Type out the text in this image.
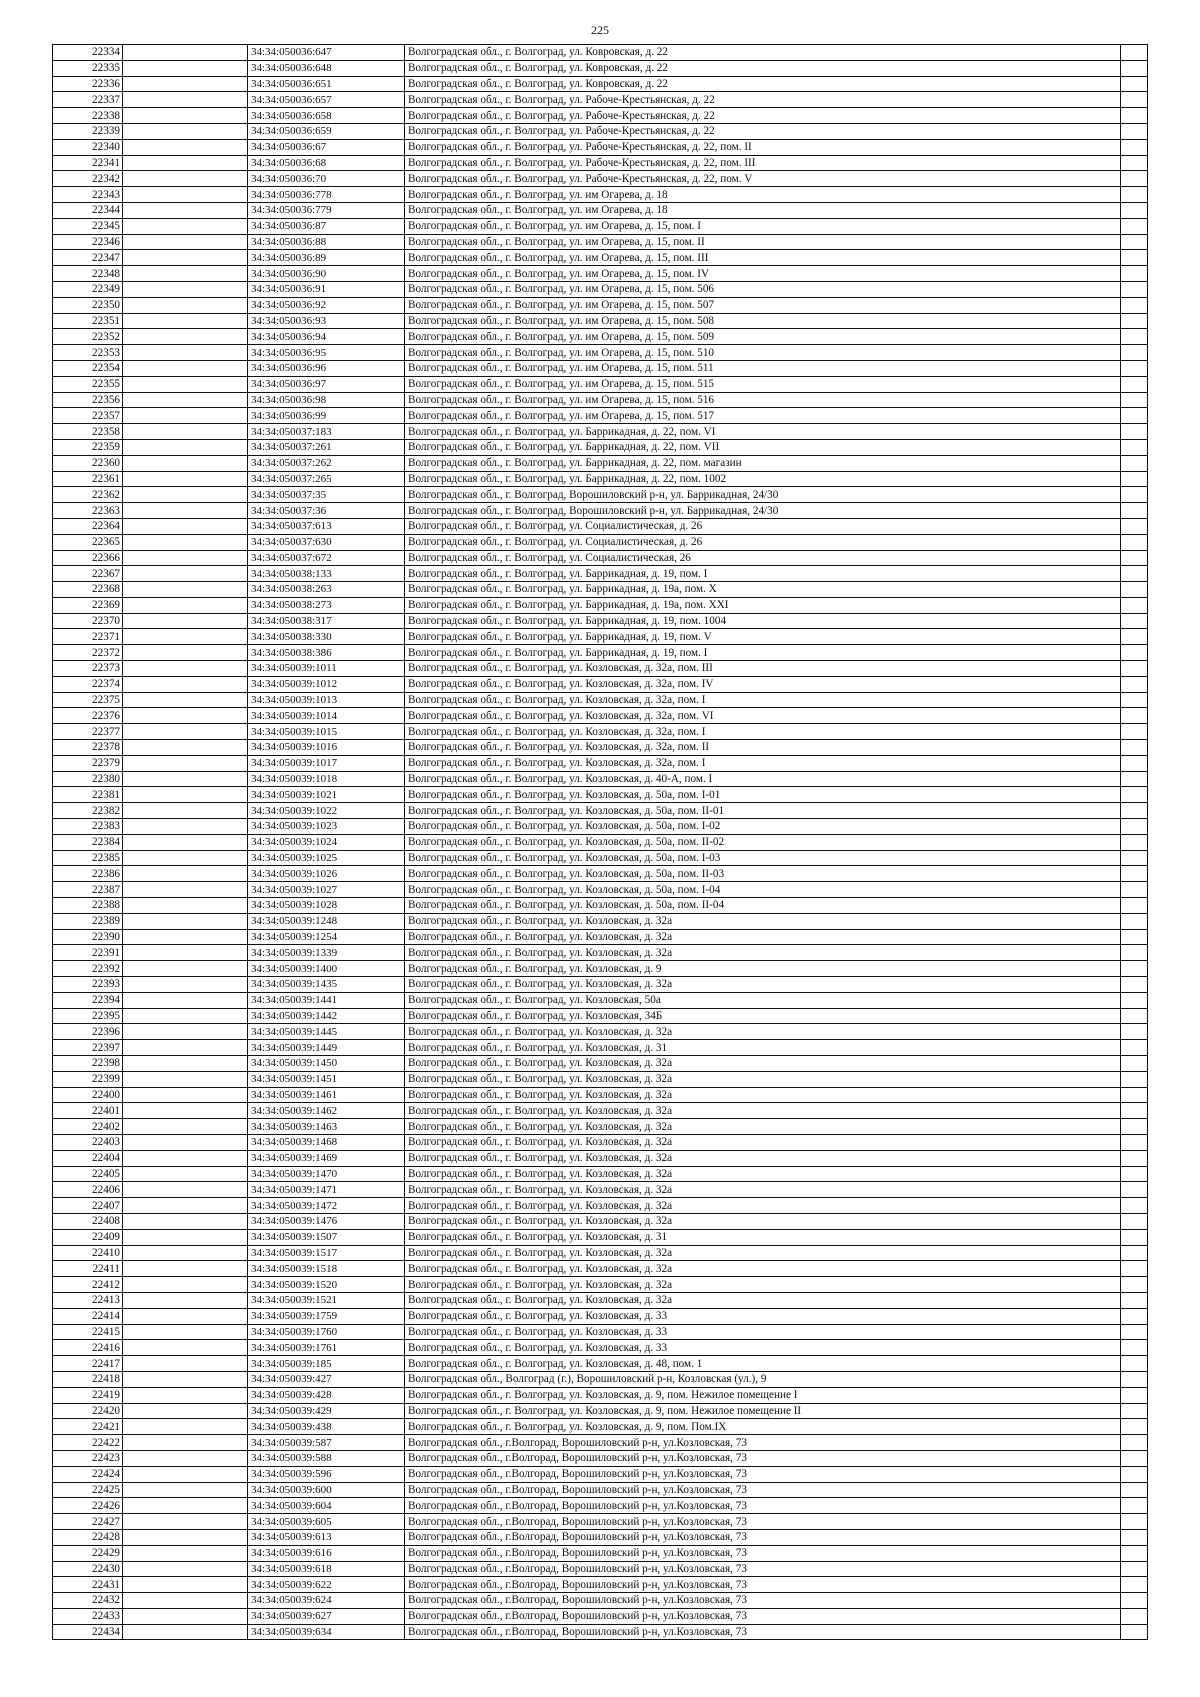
225
22334		34:34:050036:647	Волгоградская обл., г. Волгоград, ул. Ковровская, д. 22	
22335		34:34:050036:648	Волгоградская обл., г. Волгоград, ул. Ковровская, д. 22	
22336		34:34:050036:651	Волгоградская обл., г. Волгоград, ул. Ковровская, д. 22	
22337		34:34:050036:657	Волгоградская обл., г. Волгоград, ул. Рабоче-Крестьянская, д. 22	
22338		34:34:050036:658	Волгоградская обл., г. Волгоград, ул. Рабоче-Крестьянская, д. 22	
22339		34:34:050036:659	Волгоградская обл., г. Волгоград, ул. Рабоче-Крестьянская, д. 22	
22340		34:34:050036:67	Волгоградская обл., г. Волгоград, ул. Рабоче-Крестьянская, д. 22, пом. II	
22341		34:34:050036:68	Волгоградская обл., г. Волгоград, ул. Рабоче-Крестьянская, д. 22, пом. III	
22342		34:34:050036:70	Волгоградская обл., г. Волгоград, ул. Рабоче-Крестьянская, д. 22, пом. V	
22343		34:34:050036:778	Волгоградская обл., г. Волгоград, ул. им Огарева, д. 18	
22344		34:34:050036:779	Волгоградская обл., г. Волгоград, ул. им Огарева, д. 18	
22345		34:34:050036:87	Волгоградская обл., г. Волгоград, ул. им Огарева, д. 15, пом. I	
22346		34:34:050036:88	Волгоградская обл., г. Волгоград, ул. им Огарева, д. 15, пом. II	
22347		34:34:050036:89	Волгоградская обл., г. Волгоград, ул. им Огарева, д. 15, пом. III	
22348		34:34:050036:90	Волгоградская обл., г. Волгоград, ул. им Огарева, д. 15, пом. IV	
22349		34:34:050036:91	Волгоградская обл., г. Волгоград, ул. им Огарева, д. 15, пом. 506	
22350		34:34:050036:92	Волгоградская обл., г. Волгоград, ул. им Огарева, д. 15, пом. 507	
22351		34:34:050036:93	Волгоградская обл., г. Волгоград, ул. им Огарева, д. 15, пом. 508	
22352		34:34:050036:94	Волгоградская обл., г. Волгоград, ул. им Огарева, д. 15, пом. 509	
22353		34:34:050036:95	Волгоградская обл., г. Волгоград, ул. им Огарева, д. 15, пом. 510	
22354		34:34:050036:96	Волгоградская обл., г. Волгоград, ул. им Огарева, д. 15, пом. 511	
22355		34:34:050036:97	Волгоградская обл., г. Волгоград, ул. им Огарева, д. 15, пом. 515	
22356		34:34:050036:98	Волгоградская обл., г. Волгоград, ул. им Огарева, д. 15, пом. 516	
22357		34:34:050036:99	Волгоградская обл., г. Волгоград, ул. им Огарева, д. 15, пом. 517	
22358		34:34:050037:183	Волгоградская обл., г. Волгоград, ул. Баррикадная, д. 22, пом. VI	
22359		34:34:050037:261	Волгоградская обл., г. Волгоград, ул. Баррикадная, д. 22, пом. VII	
22360		34:34:050037:262	Волгоградская обл., г. Волгоград, ул. Баррикадная, д. 22, пом. магазин	
22361		34:34:050037:265	Волгоградская обл., г. Волгоград, ул. Баррикадная, д. 22, пом. 1002	
22362		34:34:050037:35	Волгоградская обл., г. Волгоград, Ворошиловский р-н, ул. Баррикадная, 24/30	
22363		34:34:050037:36	Волгоградская обл., г. Волгоград, Ворошиловский р-н, ул. Баррикадная, 24/30	
22364		34:34:050037:613	Волгоградская обл., г. Волгоград, ул. Социалистическая, д. 26	
22365		34:34:050037:630	Волгоградская обл., г. Волгоград, ул. Социалистическая, д. 26	
22366		34:34:050037:672	Волгоградская обл., г. Волгоград, ул. Социалистическая, 26	
22367		34:34:050038:133	Волгоградская обл., г. Волгоград, ул. Баррикадная, д. 19, пом. I	
22368		34:34:050038:263	Волгоградская обл., г. Волгоград, ул. Баррикадная, д. 19а, пом. X	
22369		34:34:050038:273	Волгоградская обл., г. Волгоград, ул. Баррикадная, д. 19а, пом. XXI	
22370		34:34:050038:317	Волгоградская обл., г. Волгоград, ул. Баррикадная, д. 19, пом. 1004	
22371		34:34:050038:330	Волгоградская обл., г. Волгоград, ул. Баррикадная, д. 19, пом. V	
22372		34:34:050038:386	Волгоградская обл., г. Волгоград, ул. Баррикадная, д. 19, пом. I	
22373		34:34:050039:1011	Волгоградская обл., г. Волгоград, ул. Козловская, д. 32а, пом. III	
22374		34:34:050039:1012	Волгоградская обл., г. Волгоград, ул. Козловская, д. 32а, пом. IV	
22375		34:34:050039:1013	Волгоградская обл., г. Волгоград, ул. Козловская, д. 32а, пом. I	
22376		34:34:050039:1014	Волгоградская обл., г. Волгоград, ул. Козловская, д. 32а, пом. VI	
22377		34:34:050039:1015	Волгоградская обл., г. Волгоград, ул. Козловская, д. 32а, пом. I	
22378		34:34:050039:1016	Волгоградская обл., г. Волгоград, ул. Козловская, д. 32а, пом. II	
22379		34:34:050039:1017	Волгоградская обл., г. Волгоград, ул. Козловская, д. 32а, пом. I	
22380		34:34:050039:1018	Волгоградская обл., г. Волгоград, ул. Козловская, д. 40-А, пом. I	
22381		34:34:050039:1021	Волгоградская обл., г. Волгоград, ул. Козловская, д. 50а, пом. I-01	
22382		34:34:050039:1022	Волгоградская обл., г. Волгоград, ул. Козловская, д. 50а, пом. II-01	
22383		34:34:050039:1023	Волгоградская обл., г. Волгоград, ул. Козловская, д. 50а, пом. I-02	
22384		34:34:050039:1024	Волгоградская обл., г. Волгоград, ул. Козловская, д. 50а, пом. II-02	
22385		34:34:050039:1025	Волгоградская обл., г. Волгоград, ул. Козловская, д. 50а, пом. I-03	
22386		34:34:050039:1026	Волгоградская обл., г. Волгоград, ул. Козловская, д. 50а, пом. II-03	
22387		34:34:050039:1027	Волгоградская обл., г. Волгоград, ул. Козловская, д. 50а, пом. I-04	
22388		34:34:050039:1028	Волгоградская обл., г. Волгоград, ул. Козловская, д. 50а, пом. II-04	
22389		34:34:050039:1248	Волгоградская обл., г. Волгоград, ул. Козловская, д. 32а	
22390		34:34:050039:1254	Волгоградская обл., г. Волгоград, ул. Козловская, д. 32а	
22391		34:34:050039:1339	Волгоградская обл., г. Волгоград, ул. Козловская, д. 32а	
22392		34:34:050039:1400	Волгоградская обл., г. Волгоград, ул. Козловская, д. 9	
22393		34:34:050039:1435	Волгоградская обл., г. Волгоград, ул. Козловская, д. 32а	
22394		34:34:050039:1441	Волгоградская обл., г. Волгоград, ул. Козловская, 50а	
22395		34:34:050039:1442	Волгоградская обл., г. Волгоград, ул. Козловская, 34Б	
22396		34:34:050039:1445	Волгоградская обл., г. Волгоград, ул. Козловская, д. 32а	
22397		34:34:050039:1449	Волгоградская обл., г. Волгоград, ул. Козловская, д. 31	
22398		34:34:050039:1450	Волгоградская обл., г. Волгоград, ул. Козловская, д. 32а	
22399		34:34:050039:1451	Волгоградская обл., г. Волгоград, ул. Козловская, д. 32а	
22400		34:34:050039:1461	Волгоградская обл., г. Волгоград, ул. Козловская, д. 32а	
22401		34:34:050039:1462	Волгоградская обл., г. Волгоград, ул. Козловская, д. 32а	
22402		34:34:050039:1463	Волгоградская обл., г. Волгоград, ул. Козловская, д. 32а	
22403		34:34:050039:1468	Волгоградская обл., г. Волгоград, ул. Козловская, д. 32а	
22404		34:34:050039:1469	Волгоградская обл., г. Волгоград, ул. Козловская, д. 32а	
22405		34:34:050039:1470	Волгоградская обл., г. Волгоград, ул. Козловская, д. 32а	
22406		34:34:050039:1471	Волгоградская обл., г. Волгоград, ул. Козловская, д. 32а	
22407		34:34:050039:1472	Волгоградская обл., г. Волгоград, ул. Козловская, д. 32а	
22408		34:34:050039:1476	Волгоградская обл., г. Волгоград, ул. Козловская, д. 32а	
22409		34:34:050039:1507	Волгоградская обл., г. Волгоград, ул. Козловская, д. 31	
22410		34:34:050039:1517	Волгоградская обл., г. Волгоград, ул. Козловская, д. 32а	
22411		34:34:050039:1518	Волгоградская обл., г. Волгоград, ул. Козловская, д. 32а	
22412		34:34:050039:1520	Волгоградская обл., г. Волгоград, ул. Козловская, д. 32а	
22413		34:34:050039:1521	Волгоградская обл., г. Волгоград, ул. Козловская, д. 32а	
22414		34:34:050039:1759	Волгоградская обл., г. Волгоград, ул. Козловская, д. 33	
22415		34:34:050039:1760	Волгоградская обл., г. Волгоград, ул. Козловская, д. 33	
22416		34:34:050039:1761	Волгоградская обл., г. Волгоград, ул. Козловская, д. 33	
22417		34:34:050039:185	Волгоградская обл., г. Волгоград, ул. Козловская, д. 48, пом. 1	
22418		34:34:050039:427	Волгоградская обл., Волгоград (г.), Ворошиловский р-н, Козловская (ул.), 9	
22419		34:34:050039:428	Волгоградская обл., г. Волгоград, ул. Козловская, д. 9, пом. Нежилое помещение I	
22420		34:34:050039:429	Волгоградская обл., г. Волгоград, ул. Козловская, д. 9, пом. Нежилое помещение II	
22421		34:34:050039:438	Волгоградская обл., г. Волгоград, ул. Козловская, д. 9, пом. Пом.IX	
22422		34:34:050039:587	Волгоградская обл., г.Волгорад, Ворошиловский р-н, ул.Козловская, 73	
22423		34:34:050039:588	Волгоградская обл., г.Волгорад, Ворошиловский р-н, ул.Козловская, 73	
22424		34:34:050039:596	Волгоградская обл., г.Волгорад, Ворошиловский р-н, ул.Козловская, 73	
22425		34:34:050039:600	Волгоградская обл., г.Волгорад, Ворошиловский р-н, ул.Козловская, 73	
22426		34:34:050039:604	Волгоградская обл., г.Волгорад, Ворошиловский р-н, ул.Козловская, 73	
22427		34:34:050039:605	Волгоградская обл., г.Волгорад, Ворошиловский р-н, ул.Козловская, 73	
22428		34:34:050039:613	Волгоградская обл., г.Волгорад, Ворошиловский р-н, ул.Козловская, 73	
22429		34:34:050039:616	Волгоградская обл., г.Волгорад, Ворошиловский р-н, ул.Козловская, 73	
22430		34:34:050039:618	Волгоградская обл., г.Волгорад, Ворошиловский р-н, ул.Козловская, 73	
22431		34:34:050039:622	Волгоградская обл., г.Волгорад, Ворошиловский р-н, ул.Козловская, 73	
22432		34:34:050039:624	Волгоградская обл., г.Волгорад, Ворошиловский р-н, ул.Козловская, 73	
22433		34:34:050039:627	Волгоградская обл., г.Волгорад, Ворошиловский р-н, ул.Козловская, 73	
22434		34:34:050039:634	Волгоградская обл., г.Волгорад, Ворошиловский р-н, ул.Козловская, 73	
